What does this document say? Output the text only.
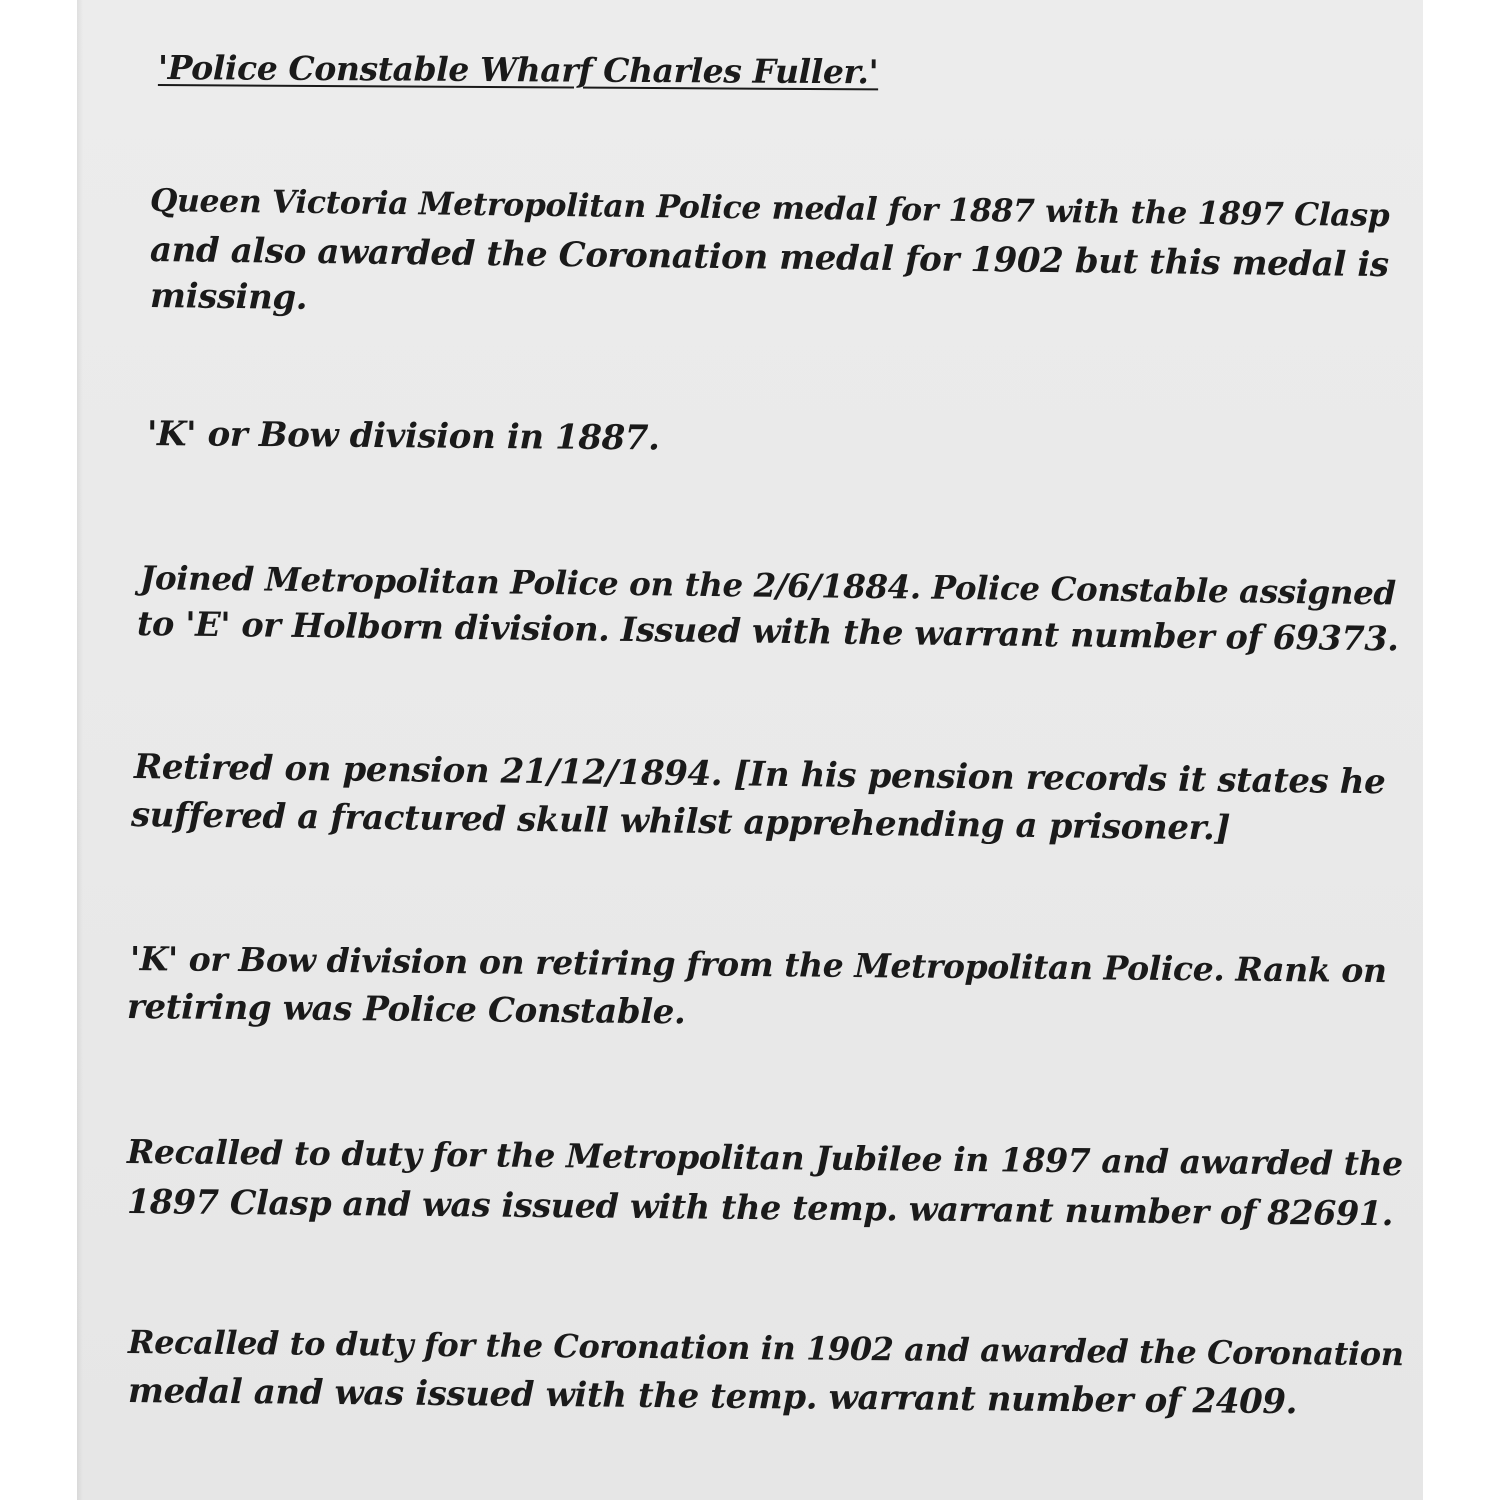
'Police Constable Wharf Charles Fuller.'

Queen Victoria Metropolitan Police medal for 1887 with the 1897 Clasp

and also awarded the Coronation medal for 1902 but this medal is

missing.

'K' or Bow division in 1887.

Joined Metropolitan Police on the 2/6/1884. Police Constable assigned

to 'E' or Holborn division. Issued with the warrant number of 69373.

Retired on pension 21/12/1894. [In his pension records it states he

suffered a fractured skull whilst apprehending a prisoner.]

'K' or Bow division on retiring from the Metropolitan Police. Rank on

retiring was Police Constable.

Recalled to duty for the Metropolitan Jubilee in 1897 and awarded the

1897 Clasp and was issued with the temp. warrant number of 82691.

Recalled to duty for the Coronation in 1902 and awarded the Coronation

medal and was issued with the temp. warrant number of 2409.
